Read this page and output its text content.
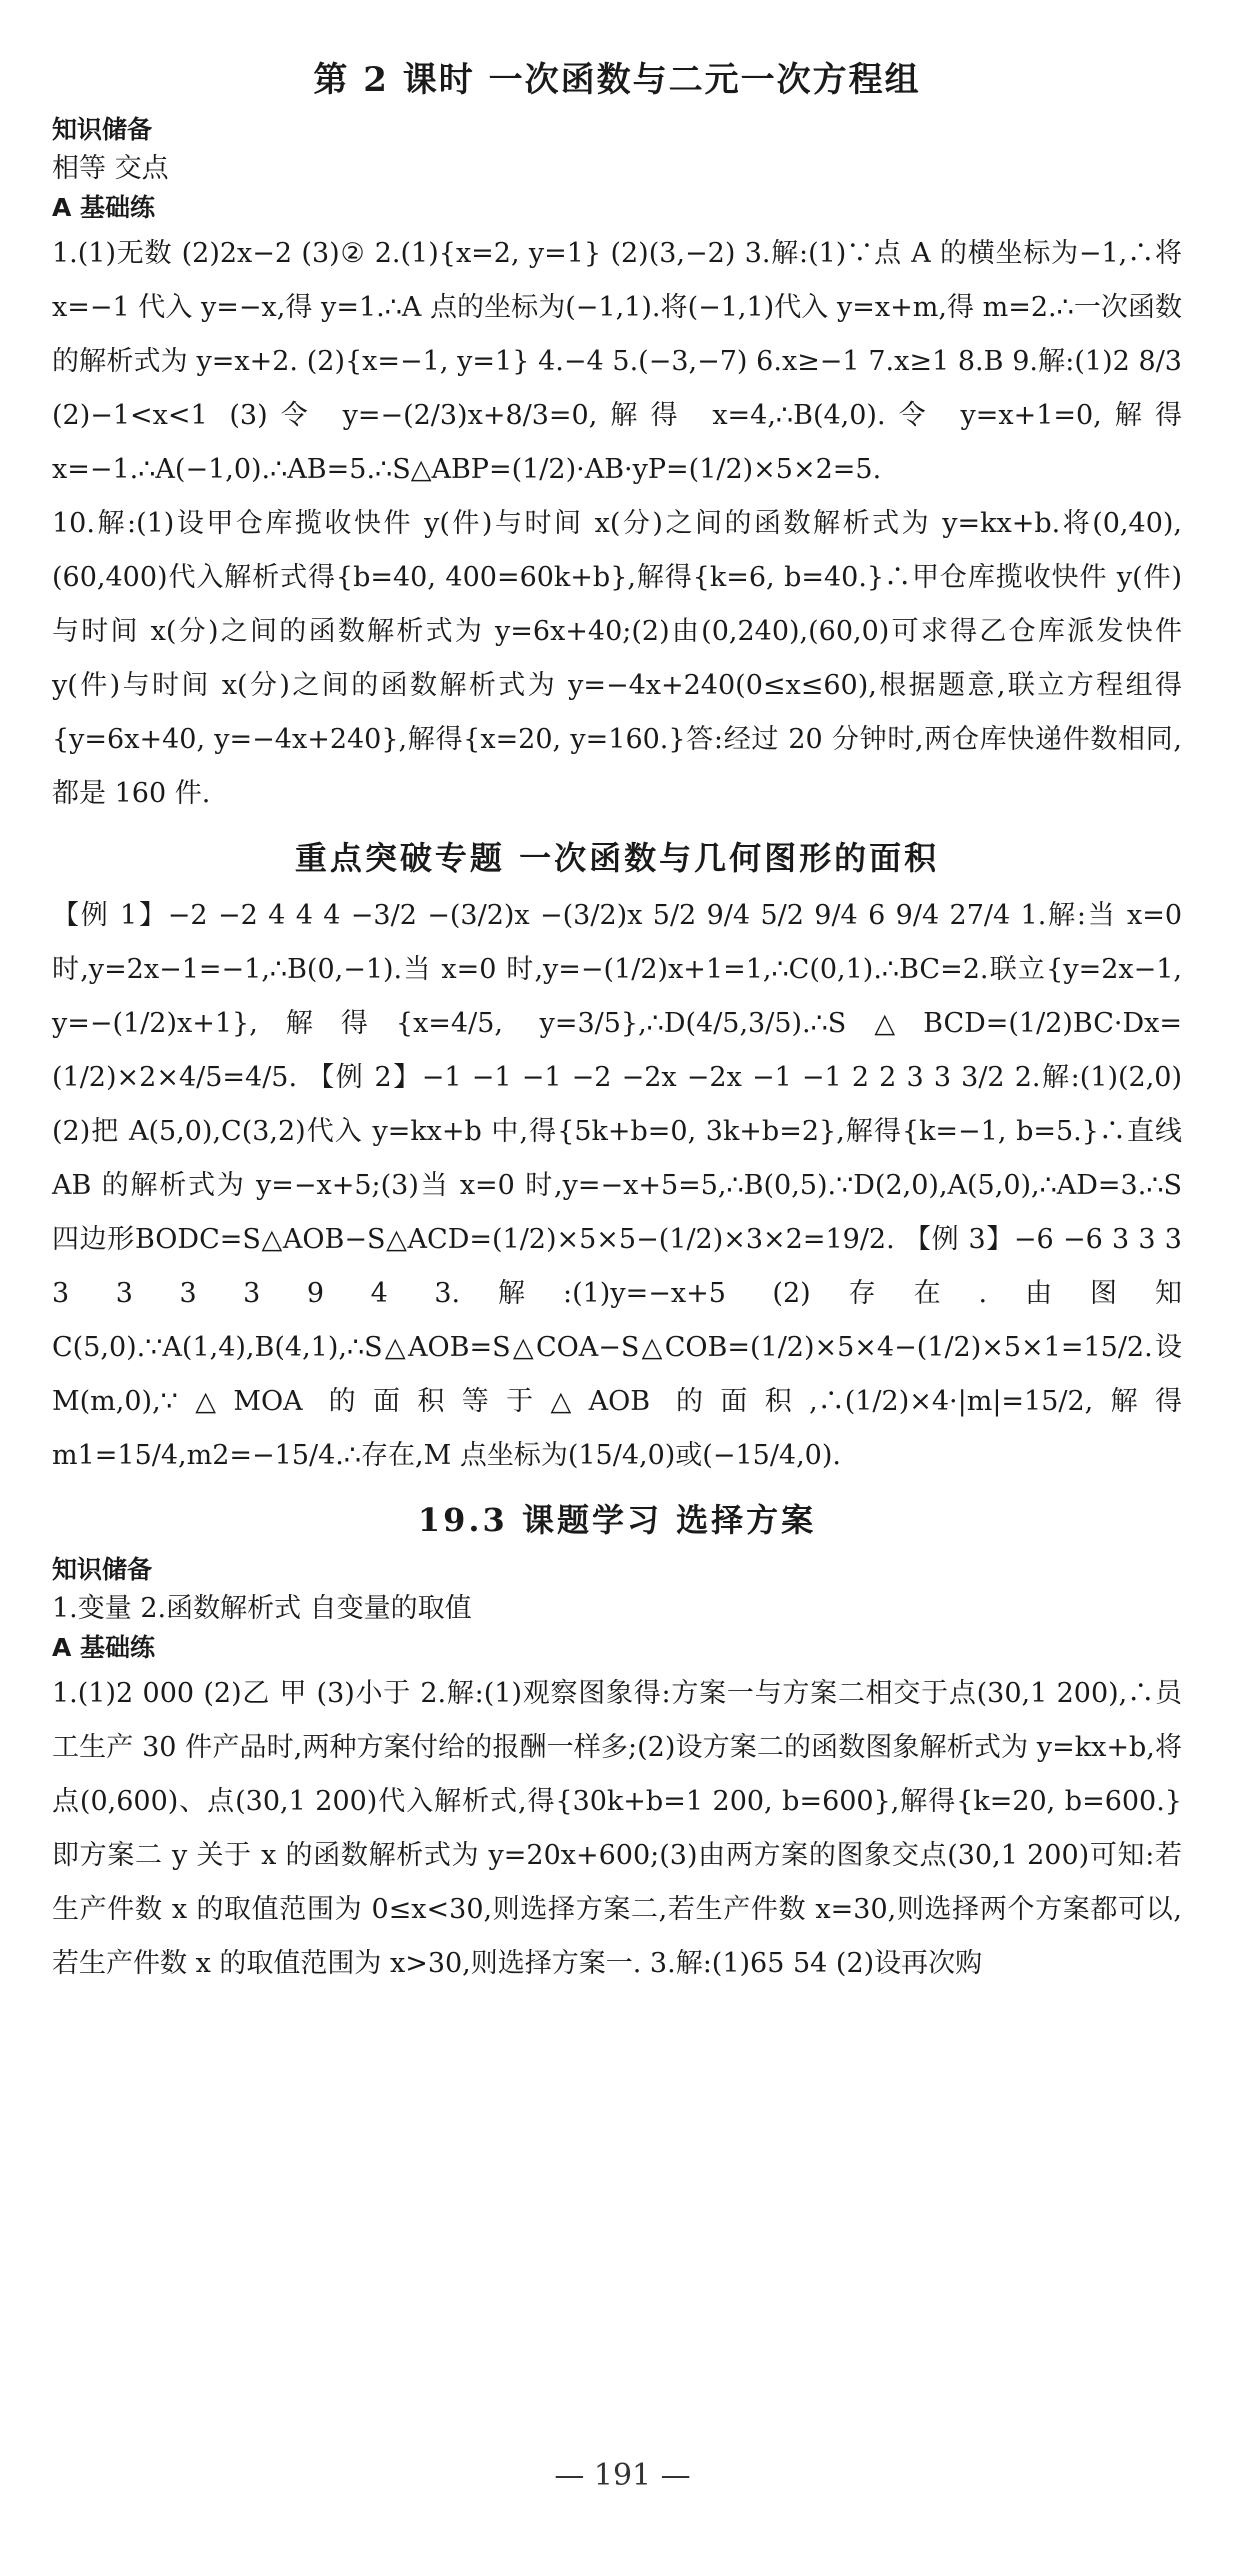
第 2 课时 一次函数与二元一次方程组
知识储备
相等 交点
A 基础练
1.(1)无数 (2)2x−2 (3)② 2.(1){x=2, y=1} (2)(3,−2) 3.解:(1)∵点 A 的横坐标为−1,∴将 x=−1 代入 y=−x,得 y=1.∴A 点的坐标为(−1,1).将(−1,1)代入 y=x+m,得 m=2.∴一次函数的解析式为 y=x+2. (2){x=−1, y=1} 4.−4 5.(−3,−7) 6.x≥−1 7.x≥1 8.B 9.解:(1)2 8/3 (2)−1<x<1 (3)令 y=−(2/3)x+8/3=0,解得 x=4,∴B(4,0).令 y=x+1=0,解得 x=−1.∴A(−1,0).∴AB=5.∴S△ABP=(1/2)·AB·yP=(1/2)×5×2=5.
10.解:(1)设甲仓库揽收快件 y(件)与时间 x(分)之间的函数解析式为 y=kx+b.将(0,40),(60,400)代入解析式得{b=40, 400=60k+b},解得{k=6, b=40.}∴甲仓库揽收快件 y(件)与时间 x(分)之间的函数解析式为 y=6x+40;(2)由(0,240),(60,0)可求得乙仓库派发快件 y(件)与时间 x(分)之间的函数解析式为 y=−4x+240(0≤x≤60),根据题意,联立方程组得{y=6x+40, y=−4x+240},解得{x=20, y=160.}答:经过 20 分钟时,两仓库快递件数相同,都是 160 件.
重点突破专题 一次函数与几何图形的面积
【例 1】−2 −2 4 4 4 −3/2 −(3/2)x −(3/2)x 5/2 9/4 5/2 9/4 6 9/4 27/4 1.解:当 x=0 时,y=2x−1=−1,∴B(0,−1).当 x=0 时,y=−(1/2)x+1=1,∴C(0,1).∴BC=2.联立{y=2x−1, y=−(1/2)x+1},解得{x=4/5, y=3/5},∴D(4/5,3/5).∴S△BCD=(1/2)BC·Dx=(1/2)×2×4/5=4/5. 【例 2】−1 −1 −1 −2 −2x −2x −1 −1 2 2 3 3 3/2 2.解:(1)(2,0) (2)把 A(5,0),C(3,2)代入 y=kx+b 中,得{5k+b=0, 3k+b=2},解得{k=−1, b=5.}∴直线 AB 的解析式为 y=−x+5;(3)当 x=0 时,y=−x+5=5,∴B(0,5).∵D(2,0),A(5,0),∴AD=3.∴S四边形BODC=S△AOB−S△ACD=(1/2)×5×5−(1/2)×3×2=19/2. 【例 3】−6 −6 3 3 3 3 3 3 3 9 4 3.解:(1)y=−x+5 (2)存在.由图知 C(5,0).∵A(1,4),B(4,1),∴S△AOB=S△COA−S△COB=(1/2)×5×4−(1/2)×5×1=15/2.设 M(m,0),∵△MOA 的面积等于△AOB 的面积,∴(1/2)×4·|m|=15/2,解得 m1=15/4,m2=−15/4.∴存在,M 点坐标为(15/4,0)或(−15/4,0).
19.3 课题学习 选择方案
知识储备
1.变量 2.函数解析式 自变量的取值
A 基础练
1.(1)2 000 (2)乙 甲 (3)小于 2.解:(1)观察图象得:方案一与方案二相交于点(30,1 200),∴员工生产 30 件产品时,两种方案付给的报酬一样多;(2)设方案二的函数图象解析式为 y=kx+b,将点(0,600)、点(30,1 200)代入解析式,得{30k+b=1 200, b=600},解得{k=20, b=600.}即方案二 y 关于 x 的函数解析式为 y=20x+600;(3)由两方案的图象交点(30,1 200)可知:若生产件数 x 的取值范围为 0≤x<30,则选择方案二,若生产件数 x=30,则选择两个方案都可以,若生产件数 x 的取值范围为 x>30,则选择方案一. 3.解:(1)65 54 (2)设再次购
— 191 —
